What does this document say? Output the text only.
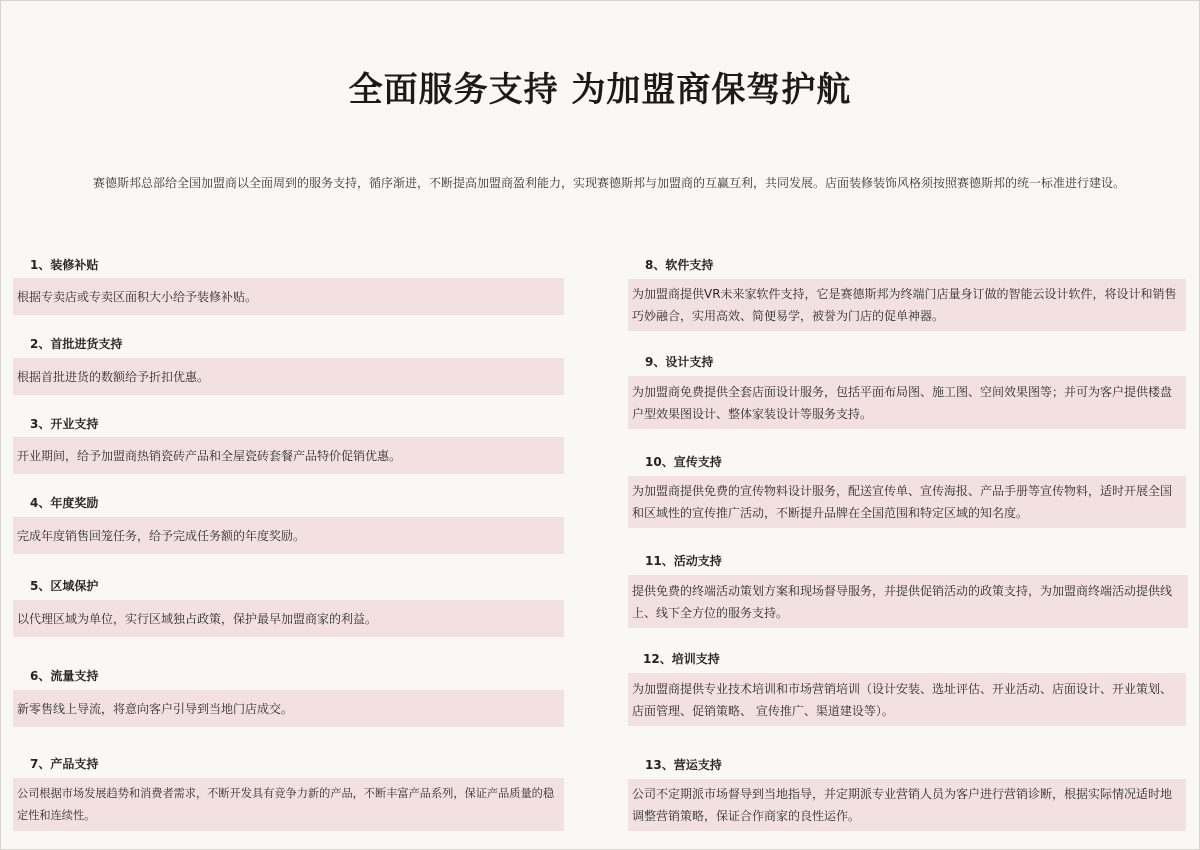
全面服务支持 为加盟商保驾护航
赛德斯邦总部给全国加盟商以全面周到的服务支持，循序渐进，不断提高加盟商盈利能力，实现赛德斯邦与加盟商的互赢互利，共同发展。店面装修装饰风格须按照赛德斯邦的统一标准进行建设。
1、装修补贴
根据专卖店或专卖区面积大小给予装修补贴。
2、首批进货支持
根据首批进货的数额给予折扣优惠。
3、开业支持
开业期间，给予加盟商热销瓷砖产品和全屋瓷砖套餐产品特价促销优惠。
4、年度奖励
完成年度销售回笼任务，给予完成任务额的年度奖励。
5、区域保护
以代理区域为单位，实行区域独占政策，保护最早加盟商家的利益。
6、流量支持
新零售线上导流，将意向客户引导到当地门店成交。
7、产品支持
公司根据市场发展趋势和消费者需求，不断开发具有竞争力新的产品，不断丰富产品系列，保证产品质量的稳定性和连续性。
8、软件支持
为加盟商提供VR未来家软件支持，它是赛德斯邦为终端门店量身订做的智能云设计软件，将设计和销售巧妙融合，实用高效、简便易学，被誉为门店的促单神器。
9、设计支持
为加盟商免费提供全套店面设计服务，包括平面布局图、施工图、空间效果图等；并可为客户提供楼盘户型效果图设计、整体家装设计等服务支持。
10、宣传支持
为加盟商提供免费的宣传物料设计服务，配送宣传单、宣传海报、产品手册等宣传物料，适时开展全国和区域性的宣传推广活动，不断提升品牌在全国范围和特定区域的知名度。
11、活动支持
提供免费的终端活动策划方案和现场督导服务，并提供促销活动的政策支持，为加盟商终端活动提供线上、线下全方位的服务支持。
12、培训支持
为加盟商提供专业技术培训和市场营销培训（设计安装、选址评估、开业活动、店面设计、开业策划、店面管理、促销策略、 宣传推广、渠道建设等）。
13、营运支持
公司不定期派市场督导到当地指导，并定期派专业营销人员为客户进行营销诊断，根据实际情况适时地调整营销策略，保证合作商家的良性运作。
